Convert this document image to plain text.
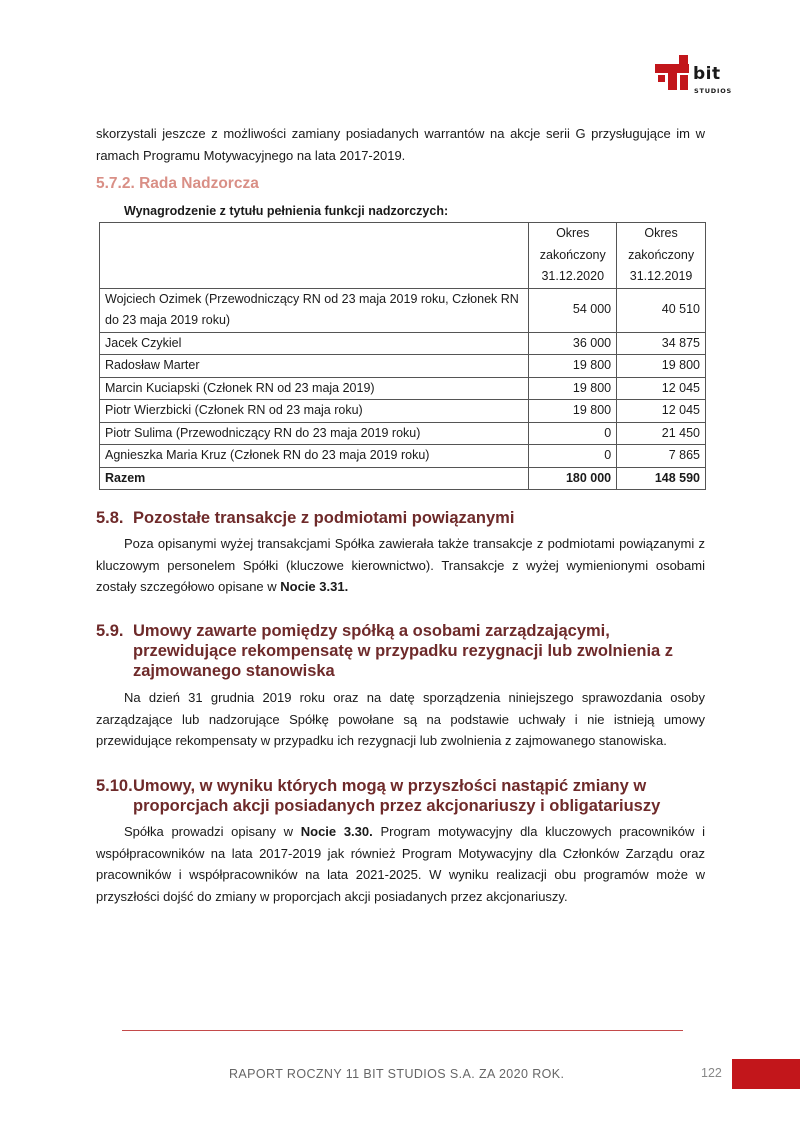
bit
STUDIOS

skorzystali jeszcze z możliwości zamiany posiadanych warrantów na akcje serii G przysługujące im w ramach Programu Motywacyjnego na lata 2017-2019.

5.7.2. Rada Nadzorcza

Wynagrodzenie z tytułu pełnienia funkcji nadzorczych:

	Okres zakończony 31.12.2020	Okres zakończony 31.12.2019
Wojciech Ozimek (Przewodniczący RN od 23 maja 2019 roku, Członek RN do 23 maja 2019 roku)	54 000	40 510
Jacek Czykiel	36 000	34 875
Radosław Marter	19 800	19 800
Marcin Kuciapski (Członek RN od 23 maja 2019)	19 800	12 045
Piotr Wierzbicki (Członek RN od 23 maja roku)	19 800	12 045
Piotr Sulima (Przewodniczący RN do 23 maja 2019 roku)	0	21 450
Agnieszka Maria Kruz (Członek RN do 23 maja 2019 roku)	0	7 865
Razem	180 000	148 590
5.8. Pozostałe transakcje z podmiotami powiązanymi

Poza opisanymi wyżej transakcjami Spółka zawierała także transakcje z podmiotami powiązanymi z kluczowym personelem Spółki (kluczowe kierownictwo). Transakcje z wyżej wymienionymi osobami zostały szczegółowo opisane w Nocie 3.31.

5.9. Umowy zawarte pomiędzy spółką a osobami zarządzającymi, przewidujące rekompensatę w przypadku rezygnacji lub zwolnienia z zajmowanego stanowiska

Na dzień 31 grudnia 2019 roku oraz na datę sporządzenia niniejszego sprawozdania osoby zarządzające lub nadzorujące Spółkę powołane są na podstawie uchwały i nie istnieją umowy przewidujące rekompensaty w przypadku ich rezygnacji lub zwolnienia z zajmowanego stanowiska.

5.10. Umowy, w wyniku których mogą w przyszłości nastąpić zmiany w proporcjach akcji posiadanych przez akcjonariuszy i obligatariuszy

Spółka prowadzi opisany w Nocie 3.30. Program motywacyjny dla kluczowych pracowników i współpracowników na lata 2017-2019 jak również Program Motywacyjny dla Członków Zarządu oraz pracowników i współpracowników na lata 2021-2025. W wyniku realizacji obu programów może w przyszłości dojść do zmiany w proporcjach akcji posiadanych przez akcjonariuszy.

RAPORT ROCZNY 11 BIT STUDIOS S.A. ZA 2020 ROK.	122
